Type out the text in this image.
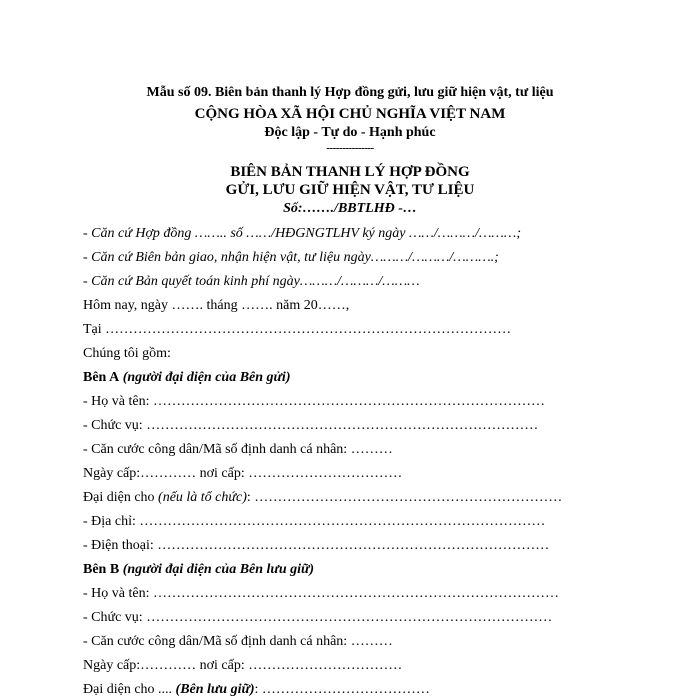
Mẫu số 09. Biên bản thanh lý Hợp đồng gửi, lưu giữ hiện vật, tư liệu
CỘNG HÒA XÃ HỘI CHỦ NGHĨA VIỆT NAM
Độc lập - Tự do - Hạnh phúc
---------------
BIÊN BẢN THANH LÝ HỢP ĐỒNG
GỬI, LƯU GIỮ HIỆN VẬT, TƯ LIỆU
Số:……./BBTLHĐ -…
- Căn cứ Hợp đồng …….. số ……/HĐGNGTLHV ký ngày ……/………/………;
- Căn cứ Biên bản giao, nhận hiện vật, tư liệu ngày………/………/……….;
- Căn cứ Bản quyết toán kinh phí ngày………/………/………
Hôm nay, ngày ……. tháng ……. năm 20……,
Tại ……………………………………………………………………………
Chúng tôi gồm:
Bên A (người đại diện của Bên gửi)
- Họ và tên: …………………………………………………………………………
- Chức vụ: …………………………………………………………………………
- Căn cước công dân/Mã số định danh cá nhân: ………
Ngày cấp:………… nơi cấp: ……………………………
Đại diện cho (nếu là tổ chức): …………………………………………………………
- Địa chỉ: ……………………………………………………………………………
- Điện thoại: …………………………………………………………………………
Bên B (người đại diện của Bên lưu giữ)
- Họ và tên: ……………………………………………………………………………
- Chức vụ: ……………………………………………………………………………
- Căn cước công dân/Mã số định danh cá nhân: ………
Ngày cấp:………… nơi cấp: ……………………………
Đại diện cho .... (Bên lưu giữ): ………………………………
